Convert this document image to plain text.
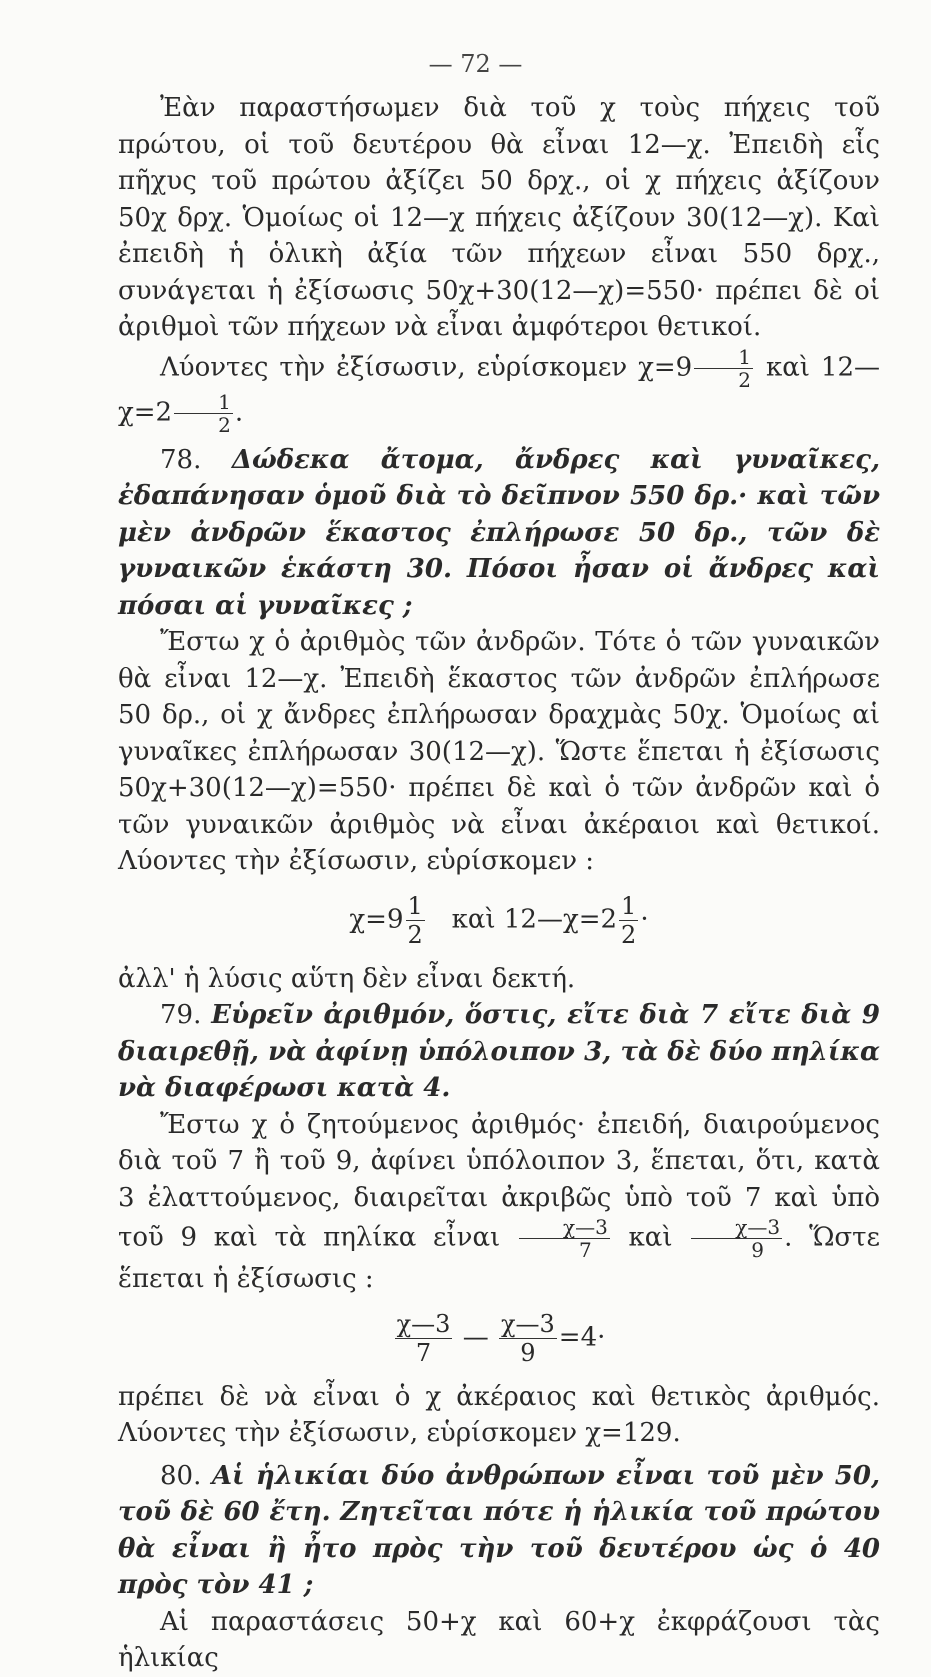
— 72 —

Ἐὰν παραστήσωμεν διὰ τοῦ χ τοὺς πήχεις τοῦ πρώτου, οἱ τοῦ δευτέρου θὰ εἶναι 12—χ. Ἐπειδὴ εἷς πῆχυς τοῦ πρώτου ἀξίζει 50 δρχ., οἱ χ πήχεις ἀξίζουν 50χ δρχ. Ὁμοίως οἱ 12—χ πήχεις ἀξίζουν 30(12—χ). Καὶ ἐπειδὴ ἡ ὁλικὴ ἀξία τῶν πήχεων εἶναι 550 δρχ., συνάγεται ἡ ἐξίσωσις 50χ+30(12—χ)=550· πρέπει δὲ οἱ ἀριθμοὶ τῶν πήχεων νὰ εἶναι ἀμφότεροι θετικοί.

Λύοντες τὴν ἐξίσωσιν, εὑρίσκομεν $\chi=9 \frac{1}{2}$ καὶ 12—χ=2 $\frac{1}{2}$ .

78. Δώδεκα ἄτομα, ἄνδρες καὶ γυναῖκες, ἐδαπάνησαν ὁμοῦ διὰ τὸ δεῖπνον 550 δρ.· καὶ τῶν μὲν ἀνδρῶν ἕκαστος ἐπλήρωσε 50 δρ., τῶν δὲ γυναικῶν ἑκάστη 30. Πόσοι ἦσαν οἱ ἄνδρες καὶ πόσαι αἱ γυναῖκες ;

Ἔστω χ ὁ ἀριθμὸς τῶν ἀνδρῶν. Τότε ὁ τῶν γυναικῶν θὰ εἶναι 12—χ. Ἐπειδὴ ἕκαστος τῶν ἀνδρῶν ἐπλήρωσε 50 δρ., οἱ χ ἄνδρες ἐπλήρωσαν δραχμὰς 50χ. Ὁμοίως αἱ γυναῖκες ἐπλήρωσαν 30(12—χ). Ὥστε ἕπεται ἡ ἐξίσωσις 50χ+30(12—χ)=550· πρέπει δὲ καὶ ὁ τῶν ἀνδρῶν καὶ ὁ τῶν γυναικῶν ἀριθμὸς νὰ εἶναι ἀκέραιοι καὶ θετικοί. Λύοντες τὴν ἐξίσωσιν, εὑρίσκομεν :

$\chi=9 \frac{1}{2}$ καὶ 12—χ=2 $\frac{1}{2}$ ·

ἀλλ' ἡ λύσις αὕτη δὲν εἶναι δεκτή.

79. Εὑρεῖν ἀριθμόν, ὅστις, εἴτε διὰ 7 εἴτε διὰ 9 διαιρεθῇ, νὰ ἀφίνῃ ὑπόλοιπον 3, τὰ δὲ δύο πηλίκα νὰ διαφέρωσι κατὰ 4.

Ἔστω χ ὁ ζητούμενος ἀριθμός· ἐπειδή, διαιρούμενος διὰ τοῦ 7 ἢ τοῦ 9, ἀφίνει ὑπόλοιπον 3, ἕπεται, ὅτι, κατὰ 3 ἐλαττούμενος, διαιρεῖται ἀκριβῶς ὑπὸ τοῦ 7 καὶ ὑπὸ τοῦ 9 καὶ τὰ πηλίκα εἶναι $\frac{\chi—3}{7}$ καὶ $\frac{\chi—3}{9}$ . Ὥστε ἕπεται ἡ ἐξίσωσις :

$\frac{\chi—3}{7}$ — $\frac{\chi—3}{9} =4\cdot$

πρέπει δὲ νὰ εἶναι ὁ χ ἀκέραιος καὶ θετικὸς ἀριθμός. Λύοντες τὴν ἐξίσωσιν, εὑρίσκομεν χ=129.

80. Αἱ ἡλικίαι δύο ἀνθρώπων εἶναι τοῦ μὲν 50, τοῦ δὲ 60 ἔτη. Ζητεῖται πότε ἡ ἡλικία τοῦ πρώτου θὰ εἶναι ἢ ἦτο πρὸς τὴν τοῦ δευτέρου ὡς ὁ 40 πρὸς τὸν 41 ;

Αἱ παραστάσεις 50+χ καὶ 60+χ ἐκφράζουσι τὰς ἡλικίας
